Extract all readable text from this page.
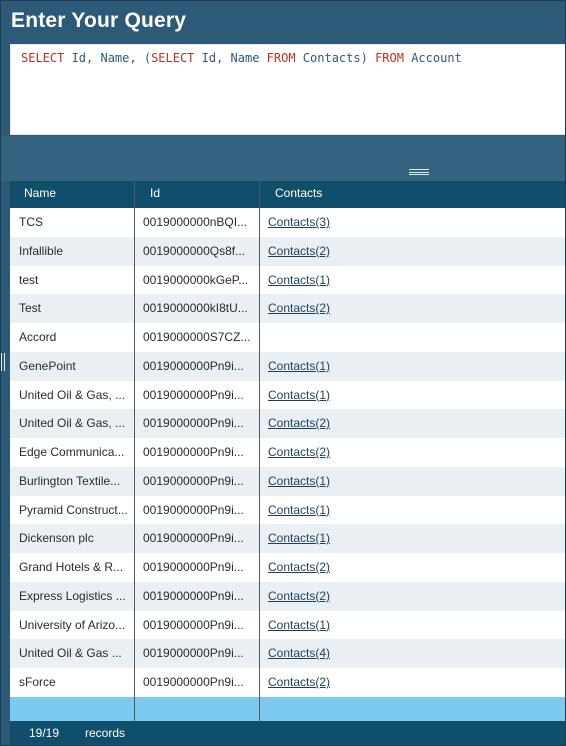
Enter Your Query
SELECT Id, Name, (SELECT Id, Name FROM Contacts) FROM Account
Name	Id	Contacts
TCS	0019000000nBQI...	Contacts(3)
Infallible	0019000000Qs8f...	Contacts(2)
test	0019000000kGeP...	Contacts(1)
Test	0019000000kI8tU...	Contacts(2)
Accord	0019000000S7CZ...
GenePoint	0019000000Pn9i...	Contacts(1)
United Oil & Gas, ...	0019000000Pn9i...	Contacts(1)
United Oil & Gas, ...	0019000000Pn9i...	Contacts(2)
Edge Communica...	0019000000Pn9i...	Contacts(2)
Burlington Textile...	0019000000Pn9i...	Contacts(1)
Pyramid Construct...	0019000000Pn9i...	Contacts(1)
Dickenson plc	0019000000Pn9i...	Contacts(1)
Grand Hotels & R...	0019000000Pn9i...	Contacts(2)
Express Logistics ...	0019000000Pn9i...	Contacts(2)
University of Arizo...	0019000000Pn9i...	Contacts(1)
United Oil & Gas ...	0019000000Pn9i...	Contacts(4)
sForce	0019000000Pn9i...	Contacts(2)
19/19 records
